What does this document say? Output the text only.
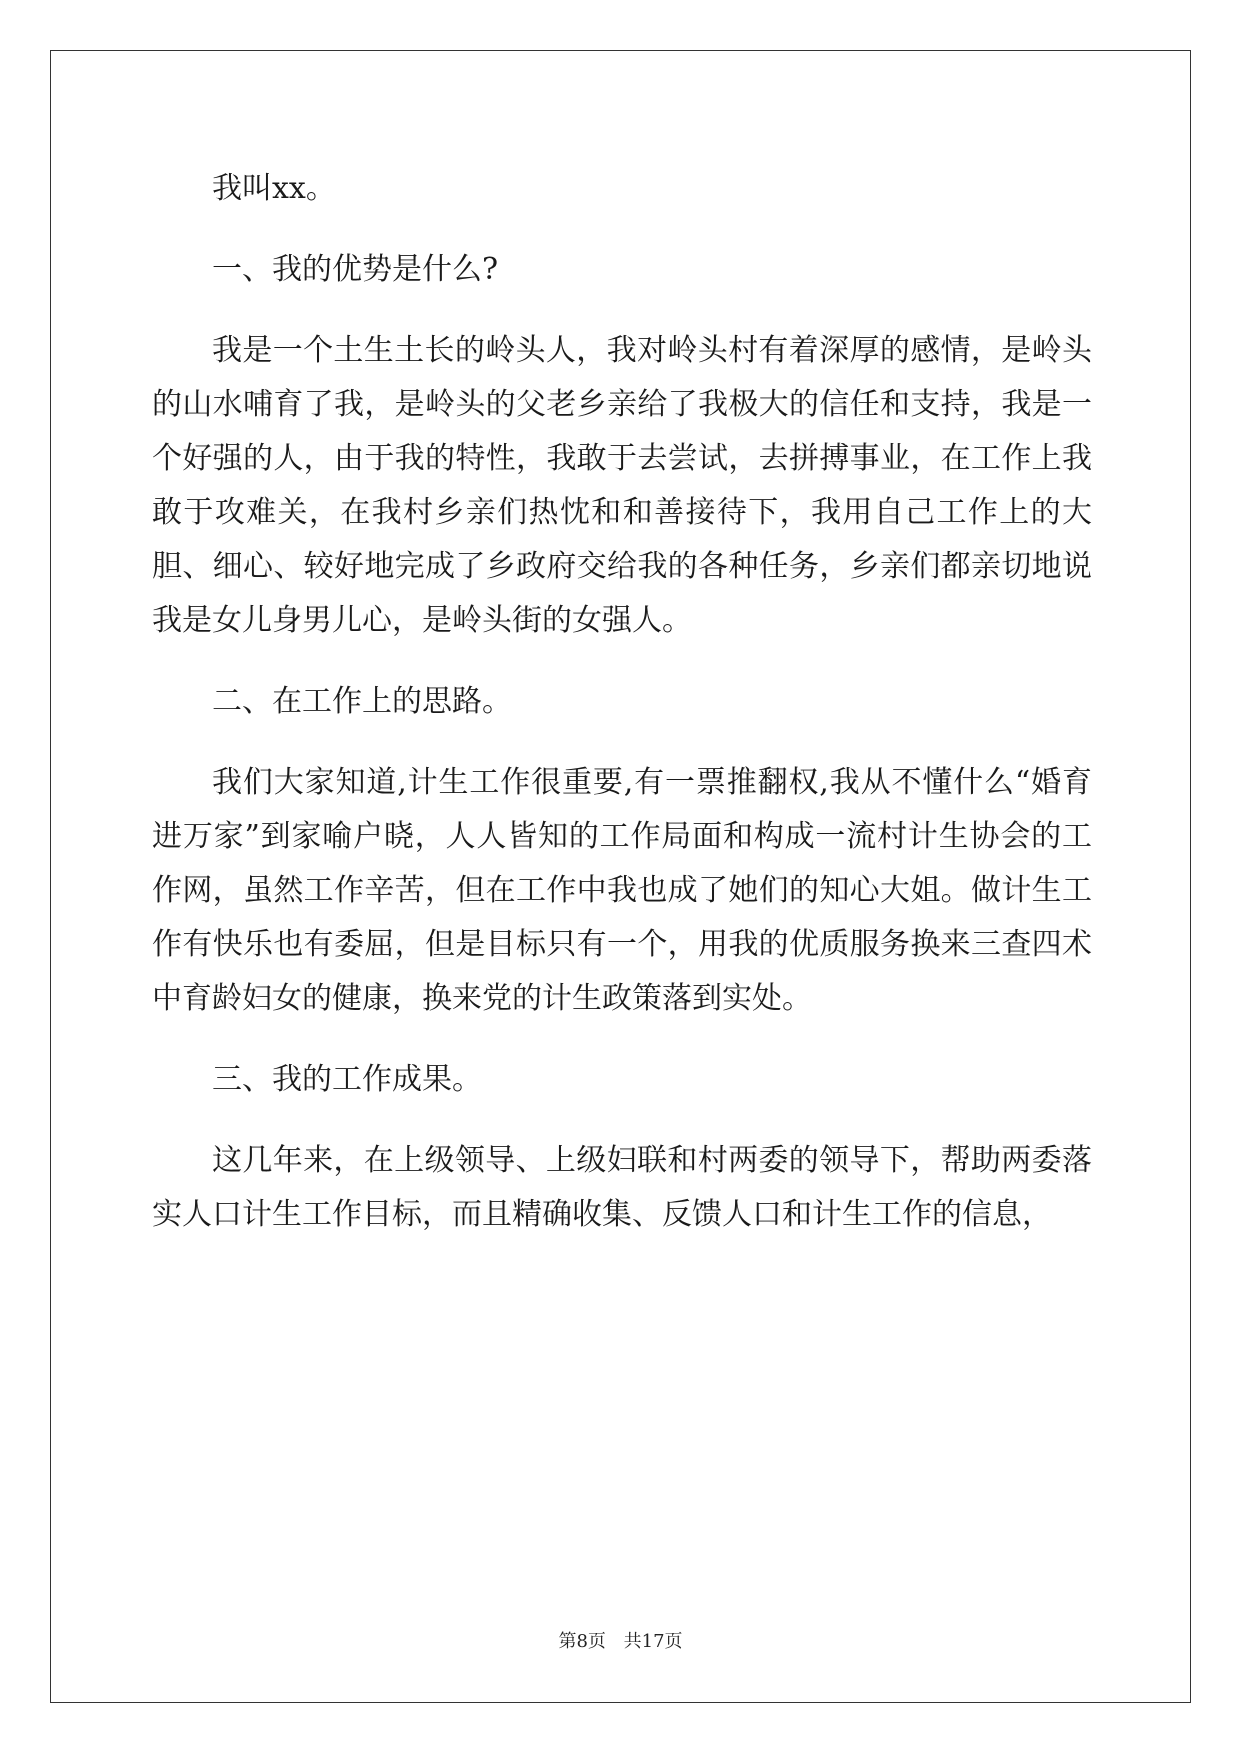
我叫xx。

一、我的优势是什么?

我是一个土生土长的岭头人，我对岭头村有着深厚的感情，是岭头的山水哺育了我，是岭头的父老乡亲给了我极大的信任和支持，我是一个好强的人，由于我的特性，我敢于去尝试，去拼搏事业，在工作上我敢于攻难关，在我村乡亲们热忱和和善接待下，我用自己工作上的大胆、细心、较好地完成了乡政府交给我的各种任务，乡亲们都亲切地说我是女儿身男儿心，是岭头街的女强人。

二、在工作上的思路。

我们大家知道,计生工作很重要,有一票推翻权,我从不懂什么“婚育进万家”到家喻户晓，人人皆知的工作局面和构成一流村计生协会的工作网，虽然工作辛苦，但在工作中我也成了她们的知心大姐。做计生工作有快乐也有委屈，但是目标只有一个，用我的优质服务换来三查四术中育龄妇女的健康，换来党的计生政策落到实处。

三、我的工作成果。

这几年来，在上级领导、上级妇联和村两委的领导下，帮助两委落实人口计生工作目标，而且精确收集、反馈人口和计生工作的信息，

第8页 共17页
